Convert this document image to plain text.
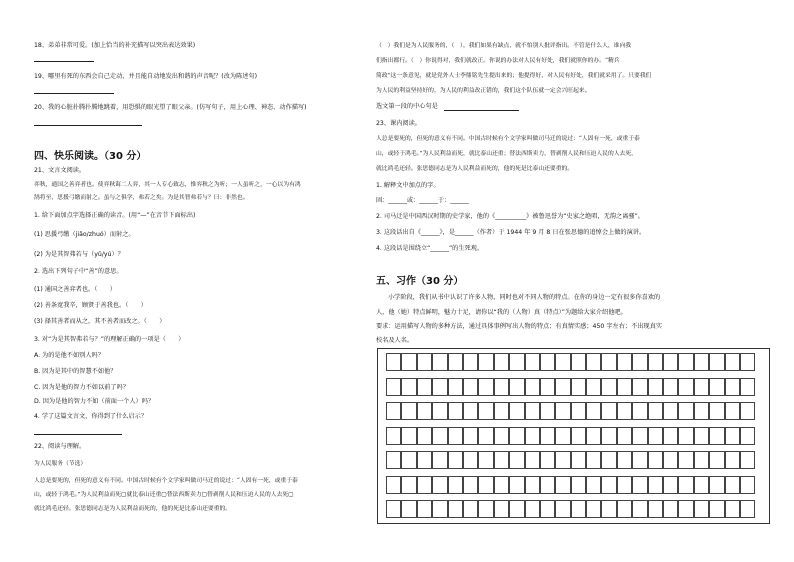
18、弟弟非常可爱。(加上恰当的补充描写以突出表达效果)
19、哪里有死的东西会自己走动，并且能自动地发出和谐的声音呢？(改为陈述句)
20、我的心脏扑腾扑腾地跳着，用恐惧的眼光望了眼父亲。(仿写句子，用上心理、神态、动作描写)
四、快乐阅读。（30 分）
21、文言文阅读。
弈秋，通国之善弈者也。使弈秋诲二人弈，其一人专心致志，惟弈秋之为听；一人虽听之，一心以为有鸿
鹄将至，思援弓缴而射之。虽与之俱学，弗若之矣。为是其智弗若与？曰：非然也。
1. 给下面加点字选择正确的读音。(用“—”在音节下面标出)
(1) 思援弓缴（jiǎo/zhuó）而射之。
(2) 为是其智弗若与（yǔ/yú）？
2. 选出下列句子中“善”的意思。
(1) 通国之善弈者也。（　　）
(2) 善条宽我辛，顾贤于善我也。（　　）
(3) 择其善者而从之，其不善者而改之。（　　）
3. 对“为是其智弗若与？”的理解正确的一项是（　　）
A. 为的是他不如别人吗？
B. 因为是其中的智慧不如他？
C. 因为是他的智力不如以前了吗？
D. 因为是他的智力不如（前面一个人）吗？
4. 学了这篇文言文，你得到了什么启示？
22、阅读与理解。
为人民服务（节选）
人总是要死的，但死的意义有不同。中国古时候有个文学家叫做司马迁的说过：“人固有一死，或重于泰
山，或轻于鸿毛。”为人民利益而死▢就比泰山还重▢替法西斯卖力▢替剥削人民和压迫人民的人去死▢
就比鸿毛还轻。张思德同志是为人民利益而死的，他的死是比泰山还要重的。
（　）我们是为人民服务的，（　），我们如果有缺点，就不怕别人批评指出。不管是什么人，谁向我
们指出都行。（　）你说得对，我们就改正。你说的办法对人民有好处，我们就照你的办。“精兵
简政”这一条意见，就是党外人士李鼎铭先生提出来的；他提得好，对人民有好处，我们就采用了。只要我们
为人民的利益坚持好的，为人民的利益改正错的，我们这个队伍就一定会兴旺起来。
选文第一段的中心句是
23、课内阅读。
人总是要死的，但死的意义有不同。中国古时候有个文学家叫做司马迁的说过：“人固有一死，或重于泰
山，或轻于鸿毛。”为人民利益而死，就比泰山还重；替法西斯卖力，替剥削人民和压迫人民的人去死，
就比鸿毛还轻。张思德同志是为人民利益而死的，他的死是比泰山还要重的。
1. 解释文中加点的字。
固：______或：______于：______
2. 司马迁是中国西汉时期的史学家，他的《__________》被鲁迅誉为“史家之绝唱，无韵之离骚”。
3. 这段话出自《______》，是______（作者）于 1944 年 9 月 8 日在张思德的追悼会上做的演讲。
4. 这段话是围绕立“______”的生死观。
五、习作（30 分）
小学阶段，我们从书中认识了许多人物，同时也对不同人物的特点。在你的身边一定有很多你喜欢的
人，他（她）特点鲜明，魅力十足，请你以“我的（人物）真（特点）”为题给大家介绍他吧。
要求：运用描写人物的多种方法，通过具体事例写出人物的特点；有真情实感；450 字左右；不出现真实
校名及人名。
